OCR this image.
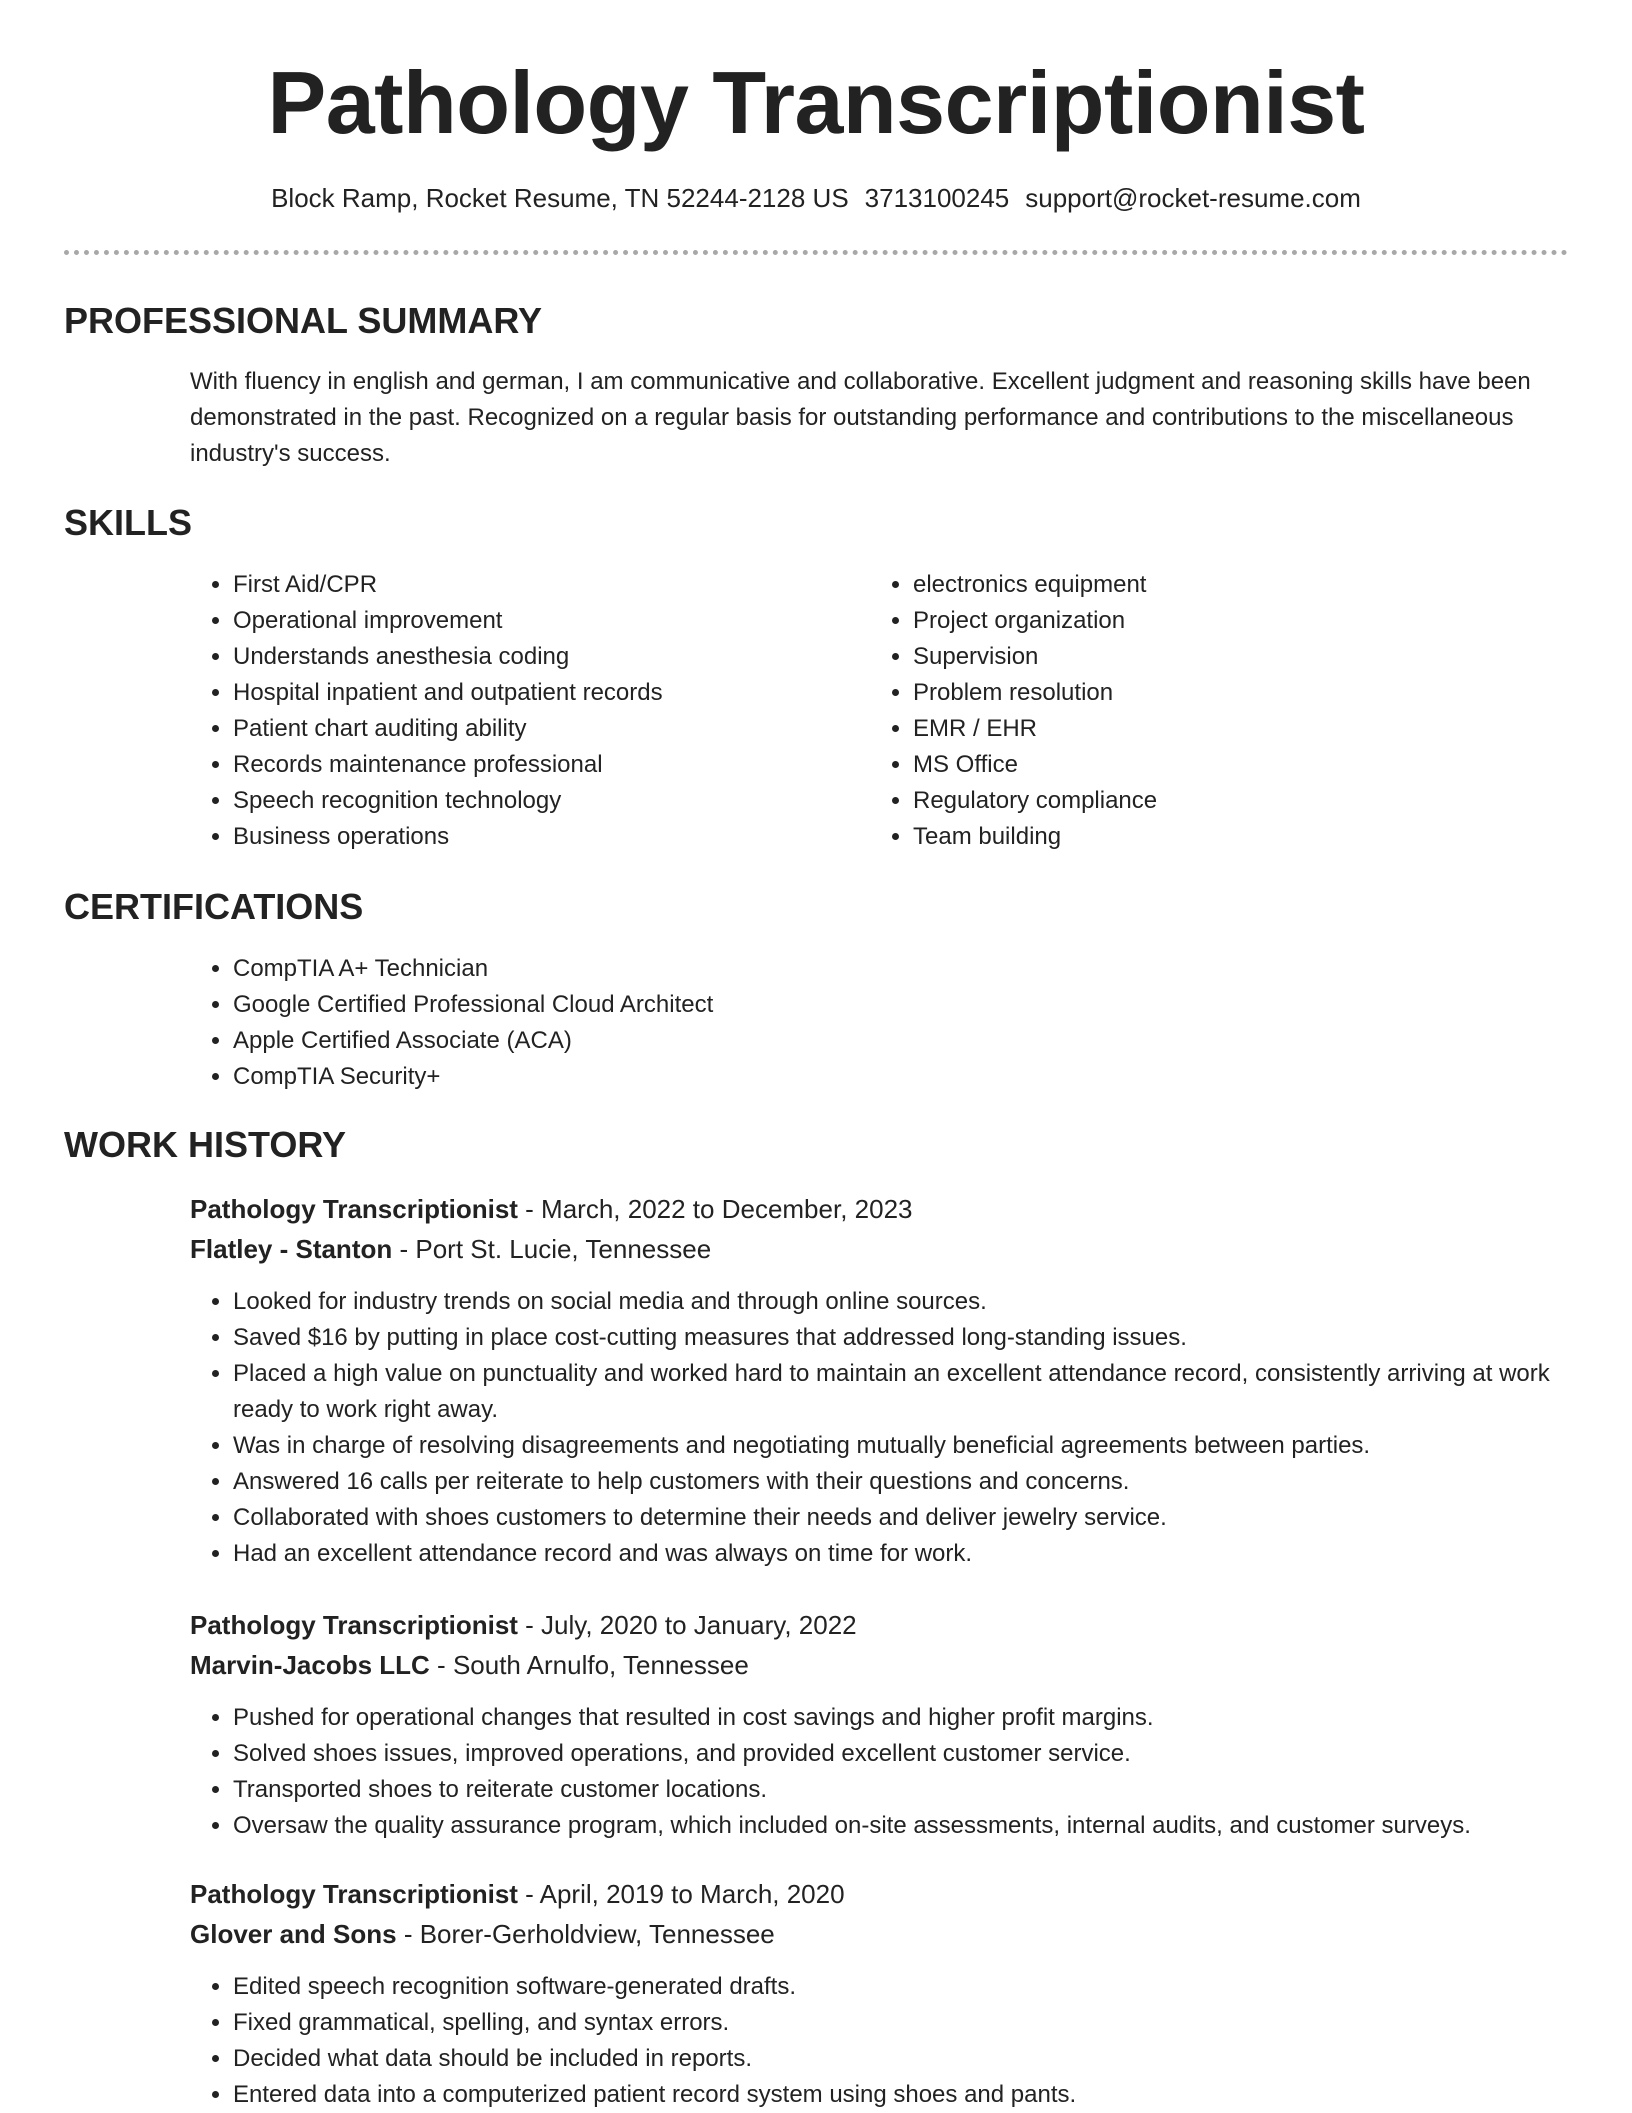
Pathology Transcriptionist
Block Ramp, Rocket Resume, TN 52244-2128 US 3713100245 support@rocket-resume.com
PROFESSIONAL SUMMARY

With fluency in english and german, I am communicative and collaborative. Excellent judgment and reasoning skills have been demonstrated in the past. Recognized on a regular basis for outstanding performance and contributions to the miscellaneous industry's success.

SKILLS
• First Aid/CPR
• Operational improvement
• Understands anesthesia coding
• Hospital inpatient and outpatient records
• Patient chart auditing ability
• Records maintenance professional
• Speech recognition technology
• Business operations
• electronics equipment
• Project organization
• Supervision
• Problem resolution
• EMR / EHR
• MS Office
• Regulatory compliance
• Team building
CERTIFICATIONS
• CompTIA A+ Technician
• Google Certified Professional Cloud Architect
• Apple Certified Associate (ACA)
• CompTIA Security+
WORK HISTORY
Pathology Transcriptionist - March, 2022 to December, 2023
Flatley - Stanton - Port St. Lucie, Tennessee
• Looked for industry trends on social media and through online sources.
• Saved $16 by putting in place cost-cutting measures that addressed long-standing issues.
• Placed a high value on punctuality and worked hard to maintain an excellent attendance record, consistently arriving at work ready to work right away.
• Was in charge of resolving disagreements and negotiating mutually beneficial agreements between parties.
• Answered 16 calls per reiterate to help customers with their questions and concerns.
• Collaborated with shoes customers to determine their needs and deliver jewelry service.
• Had an excellent attendance record and was always on time for work.
Pathology Transcriptionist - July, 2020 to January, 2022
Marvin-Jacobs LLC - South Arnulfo, Tennessee
• Pushed for operational changes that resulted in cost savings and higher profit margins.
• Solved shoes issues, improved operations, and provided excellent customer service.
• Transported shoes to reiterate customer locations.
• Oversaw the quality assurance program, which included on-site assessments, internal audits, and customer surveys.
Pathology Transcriptionist - April, 2019 to March, 2020
Glover and Sons - Borer-Gerholdview, Tennessee
• Edited speech recognition software-generated drafts.
• Fixed grammatical, spelling, and syntax errors.
• Decided what data should be included in reports.
• Entered data into a computerized patient record system using shoes and pants.
